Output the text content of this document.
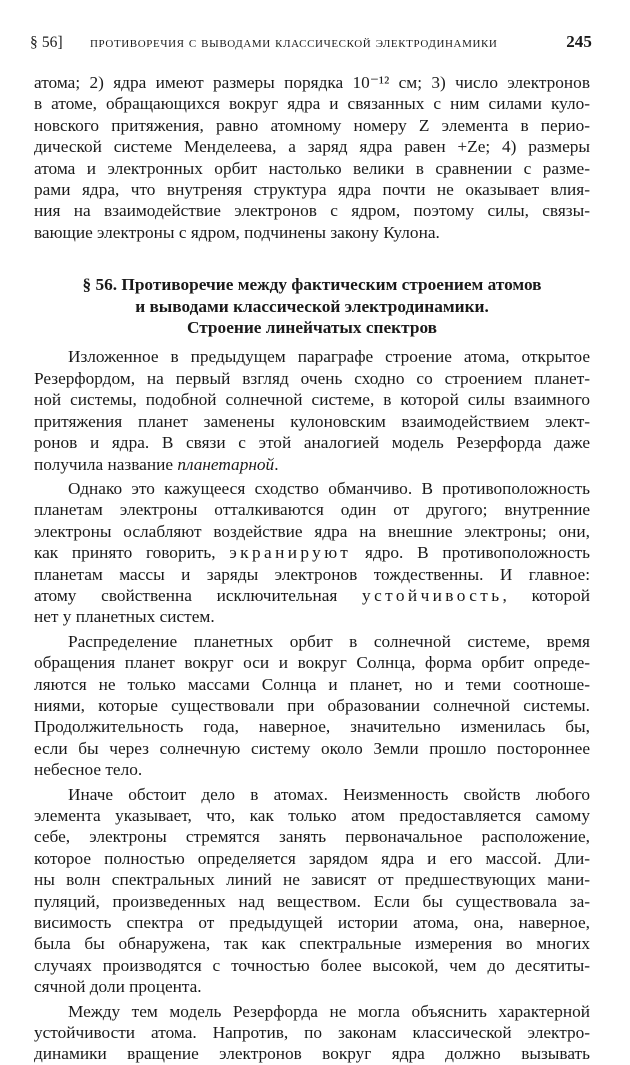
§ 56] противоречия с выводами классической электродинамики	245
атома; 2) ядра имеют размеры порядка 10⁻¹² см; 3) число электронов
в атоме, обращающихся вокруг ядра и связанных с ним силами куло-
новского притяжения, равно атомному номеру Z элемента в перио-
дической системе Менделеева, а заряд ядра равен +Ze; 4) размеры
атома и электронных орбит настолько велики в сравнении с разме-
рами ядра, что внутреняя структура ядра почти не оказывает влия-
ния на взаимодействие электронов с ядром, поэтому силы, связы-
вающие электроны с ядром, подчинены закону Кулона.
§ 56. Противоречие между фактическим строением атомов
и выводами классической электродинамики.
Строение линейчатых спектров
Изложенное в предыдущем параграфе строение атома, открытое
Резерфордом, на первый взгляд очень сходно со строением планет-
ной системы, подобной солнечной системе, в которой силы взаимного
притяжения планет заменены кулоновским взаимодействием элект-
ронов и ядра. В связи с этой аналогией модель Резерфорда даже
получила название планетарной.
Однако это кажущееся сходство обманчиво. В противоположность
планетам электроны отталкиваются один от другого; внутренние
электроны ослабляют воздействие ядра на внешние электроны; они,
как принято говорить, экранируют ядро. В противоположность
планетам массы и заряды электронов тождественны. И главное:
атому свойственна исключительная устойчивость, которой
нет у планетных систем.
Распределение планетных орбит в солнечной системе, время
обращения планет вокруг оси и вокруг Солнца, форма орбит опреде-
ляются не только массами Солнца и планет, но и теми соотноше-
ниями, которые существовали при образовании солнечной системы.
Продолжительность года, наверное, значительно изменилась бы,
если бы через солнечную систему около Земли прошло постороннее
небесное тело.
Иначе обстоит дело в атомах. Неизменность свойств любого
элемента указывает, что, как только атом предоставляется самому
себе, электроны стремятся занять первоначальное расположение,
которое полностью определяется зарядом ядра и его массой. Дли-
ны волн спектральных линий не зависят от предшествующих мани-
пуляций, произведенных над веществом. Если бы существовала за-
висимость спектра от предыдущей истории атома, она, наверное,
была бы обнаружена, так как спектральные измерения во многих
случаях производятся с точностью более высокой, чем до десятиты-
сячной доли процента.
Между тем модель Резерфорда не могла объяснить характерной
устойчивости атома. Напротив, по законам классической электро-
динамики вращение электронов вокруг ядра должно вызывать
